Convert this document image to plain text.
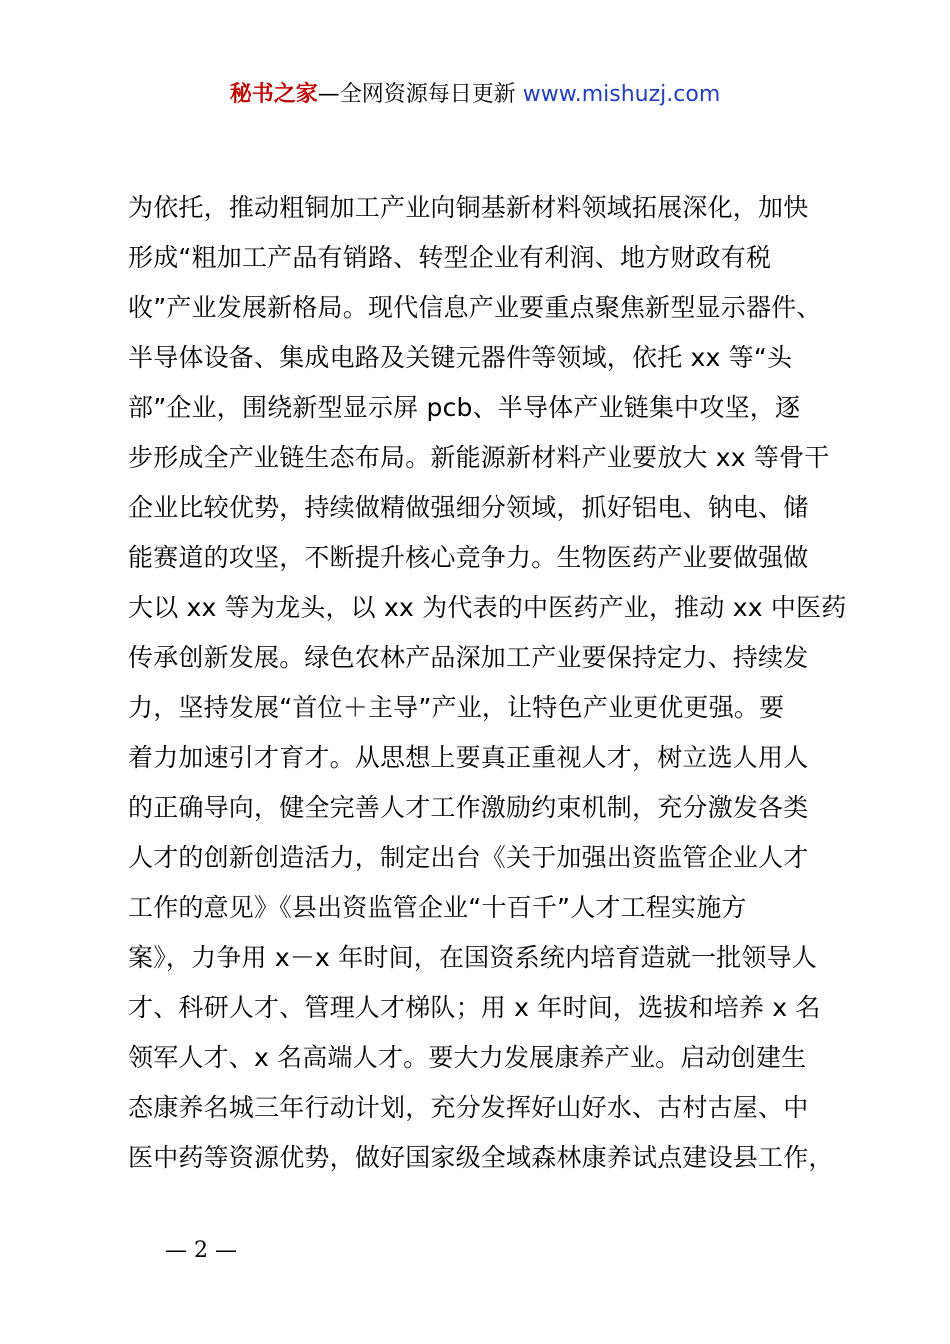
秘书之家—全网资源每日更新 www.mishuzj.com
为依托，推动粗铜加工产业向铜基新材料领域拓展深化，加快
形成“粗加工产品有销路、转型企业有利润、地方财政有税
收”产业发展新格局。现代信息产业要重点聚焦新型显示器件、
半导体设备、集成电路及关键元器件等领域，依托 xx 等“头
部”企业，围绕新型显示屏 pcb、半导体产业链集中攻坚，逐
步形成全产业链生态布局。新能源新材料产业要放大 xx 等骨干
企业比较优势，持续做精做强细分领域，抓好铝电、钠电、储
能赛道的攻坚，不断提升核心竞争力。生物医药产业要做强做
大以 xx 等为龙头，以 xx 为代表的中医药产业，推动 xx 中医药
传承创新发展。绿色农林产品深加工产业要保持定力、持续发
力，坚持发展“首位＋主导”产业，让特色产业更优更强。要
着力加速引才育才。从思想上要真正重视人才，树立选人用人
的正确导向，健全完善人才工作激励约束机制，充分激发各类
人才的创新创造活力，制定出台《关于加强出资监管企业人才
工作的意见》《县出资监管企业“十百千”人才工程实施方
案》，力争用 x－x 年时间，在国资系统内培育造就一批领导人
才、科研人才、管理人才梯队；用 x 年时间，选拔和培养 x 名
领军人才、x 名高端人才。要大力发展康养产业。启动创建生
态康养名城三年行动计划，充分发挥好山好水、古村古屋、中
医中药等资源优势，做好国家级全域森林康养试点建设县工作，
— 2 —
